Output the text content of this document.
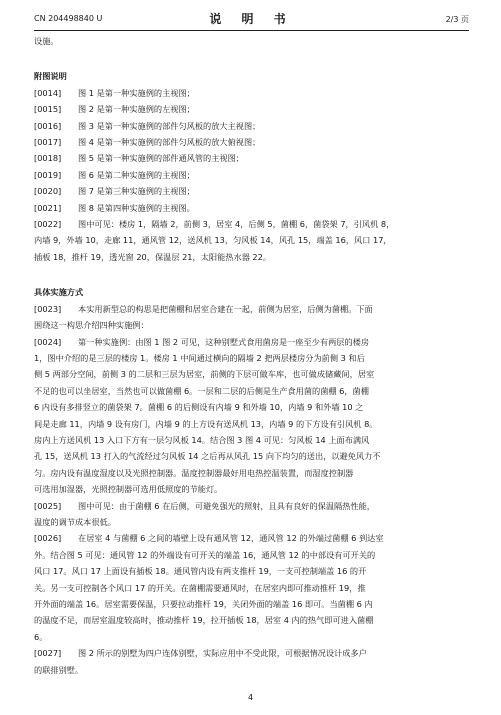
CN 204498840 U	说 明 书	2/3 页
设施。
附图说明
[0014] 图 1 是第一种实施例的主视图；
[0015] 图 2 是第一种实施例的左视图；
[0016] 图 3 是第一种实施例的部件匀风板的放大主视图；
[0017] 图 4 是第一种实施例的部件匀风板的放大俯视图；
[0018] 图 5 是第一种实施例的部件通风管的主视图；
[0019] 图 6 是第二种实施例的主视图；
[0020] 图 7 是第三种实施例的主视图；
[0021] 图 8 是第四种实施例的主视图。
[0022] 图中可见：楼房 1，隔墙 2，前侧 3，居室 4，后侧 5，菌棚 6，菌袋架 7，引风机 8，
内墙 9，外墙 10，走廊 11，通风管 12，送风机 13，匀风板 14，风孔 15，端盖 16，风口 17，
插板 18，推杆 19，透光窗 20，保温层 21，太阳能热水器 22。
具体实施方式
[0023] 本实用新型总的构思是把菌棚和居室合建在一起，前侧为居室，后侧为菌棚。下面
围绕这一构思介绍四种实施例：
[0024] 第一种实施例：由图 1 图 2 可见，这种别墅式食用菌房是一座至少有两层的楼房
1，图中介绍的是三层的楼房 1。楼房 1 中间通过横向的隔墙 2 把两层楼房分为前侧 3 和后
侧 5 两部分空间，前侧 3 的二层和三层为居室，前侧的下层可做车库，也可做成储藏间，居室
不足的也可以坐居室，当然也可以做菌棚 6。一层和二层的后侧是生产食用菌的菌棚 6，菌棚
6 内设有多排竖立的菌袋架 7。菌棚 6 的后侧设有内墙 9 和外墙 10，内墙 9 和外墙 10 之
间是走廊 11，内墙 9 设有房门，内墙 9 的上方设有送风机 13，内墙 9 的下方设有引风机 8。
房内上方送风机 13 入口下方有一层匀风板 14。结合图 3 图 4 可见：匀风板 14 上面布满风
孔 15，送风机 13 打入的气流经过匀风板 14 之后再从风孔 15 向下均匀的送出，以避免风力不
匀。房内设有温度湿度以及光照控制器。温度控制器最好用电热控温装置，而湿度控制器
可选用加湿器，光照控制器可选用低照度的节能灯。
[0025] 图中可见：由于菌棚 6 在后侧，可避免强光的照射，且具有良好的保温隔热性能，
温度的调节成本很低。
[0026] 在居室 4 与菌棚 6 之间的墙壁上设有通风管 12，通风管 12 的外端过菌棚 6 到达室
外。结合图 5 可见：通风管 12 的外端设有可开关的端盖 16，通风管 12 的中部设有可开关的
风口 17。风口 17 上面设有插板 18。通风管内设有两支推杆 19，一支可控制端盖 16 的开
关。另一支可控制各个风口 17 的开关。在菌棚需要通风时，在居室内即可推动推杆 19，推
开外面的端盖 16。居室需要保温，只要拉动推杆 19，关闭外面的端盖 16 即可。当菌棚 6 内
的温度不足，而居室温度较高时，推动推杆 19，拉开插板 18，居室 4 内的热气即可进入菌棚
6。
[0027] 图 2 所示的别墅为四户连体别墅，实际应用中不受此限，可根据情况设计成多户
的联排别墅。
4
